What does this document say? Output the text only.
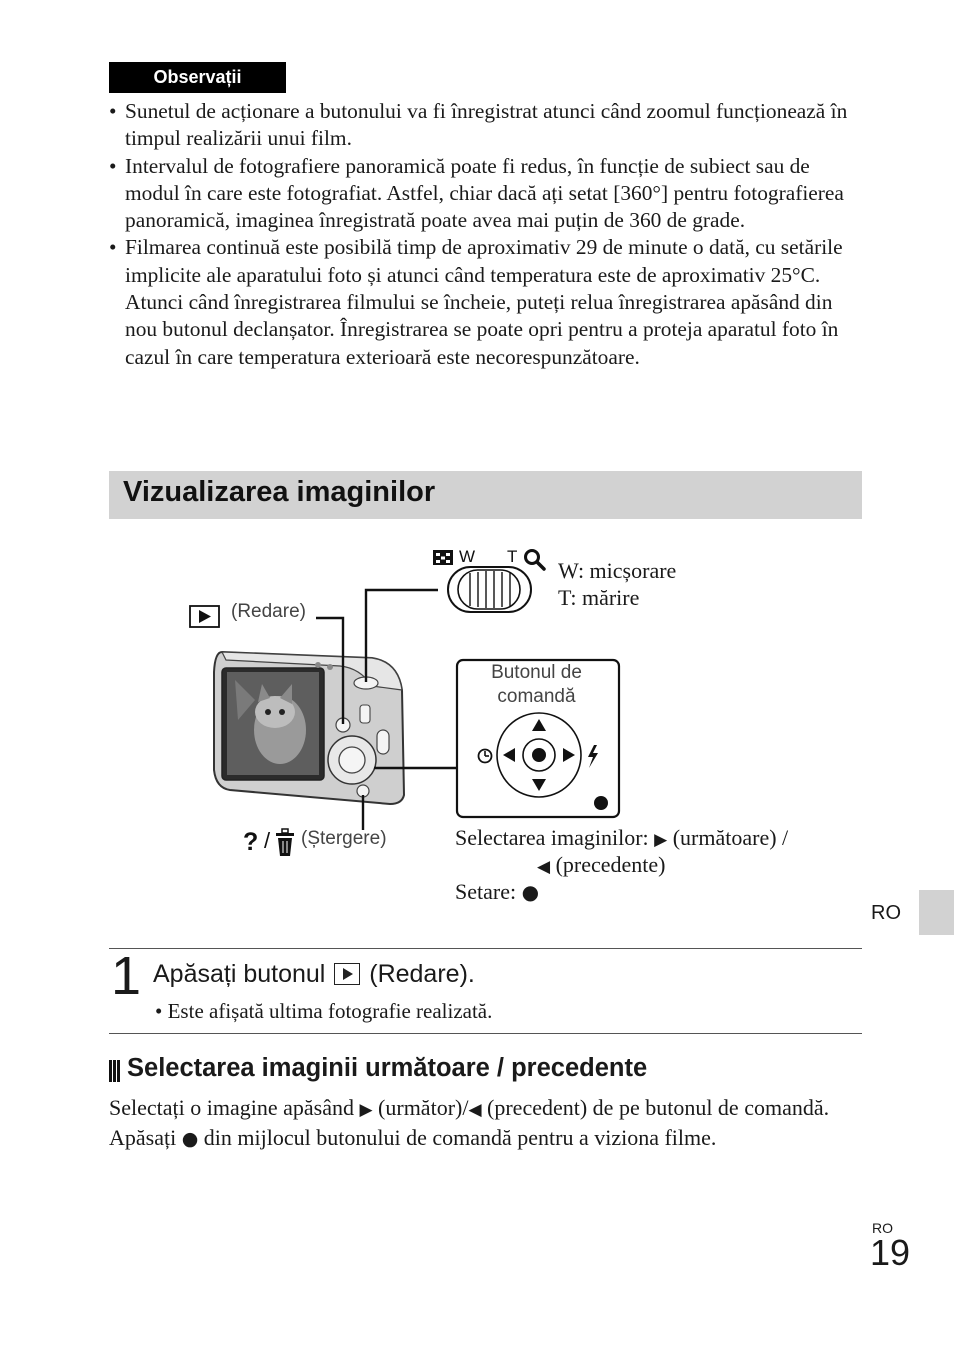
Observații
• Sunetul de acționare a butonului va fi înregistrat atunci când zoomul funcționează în timpul realizării unui film.
• Intervalul de fotografiere panoramică poate fi redus, în funcție de subiect sau de modul în care este fotografiat. Astfel, chiar dacă ați setat [360°] pentru fotografierea panoramică, imaginea înregistrată poate avea mai puțin de 360 de grade.
• Filmarea continuă este posibilă timp de aproximativ 29 de minute o dată, cu setările implicite ale aparatului foto și atunci când temperatura este de aproximativ 25°C. Atunci când înregistrarea filmului se încheie, puteți relua înregistrarea apăsând din nou butonul declanșator. Înregistrarea se poate opri pentru a proteja aparatul foto în cazul în care temperatura exterioară este necorespunzătoare.
Vizualizarea imaginilor
W T
W: micșorare
T: mărire
(Redare)
Butonul de
comandă
? / (Ștergere)	Selectarea imaginilor: ▶ (următoare) /
◀ (precedente)
Setare: ●
RO
1 Apăsați butonul  (Redare).
• Este afișată ultima fotografie realizată.
Selectarea imaginii următoare / precedente
Selectați o imagine apăsând ▶ (următor)/◀ (precedent) de pe butonul de comandă. Apăsați ● din mijlocul butonului de comandă pentru a viziona filme.
RO
19
